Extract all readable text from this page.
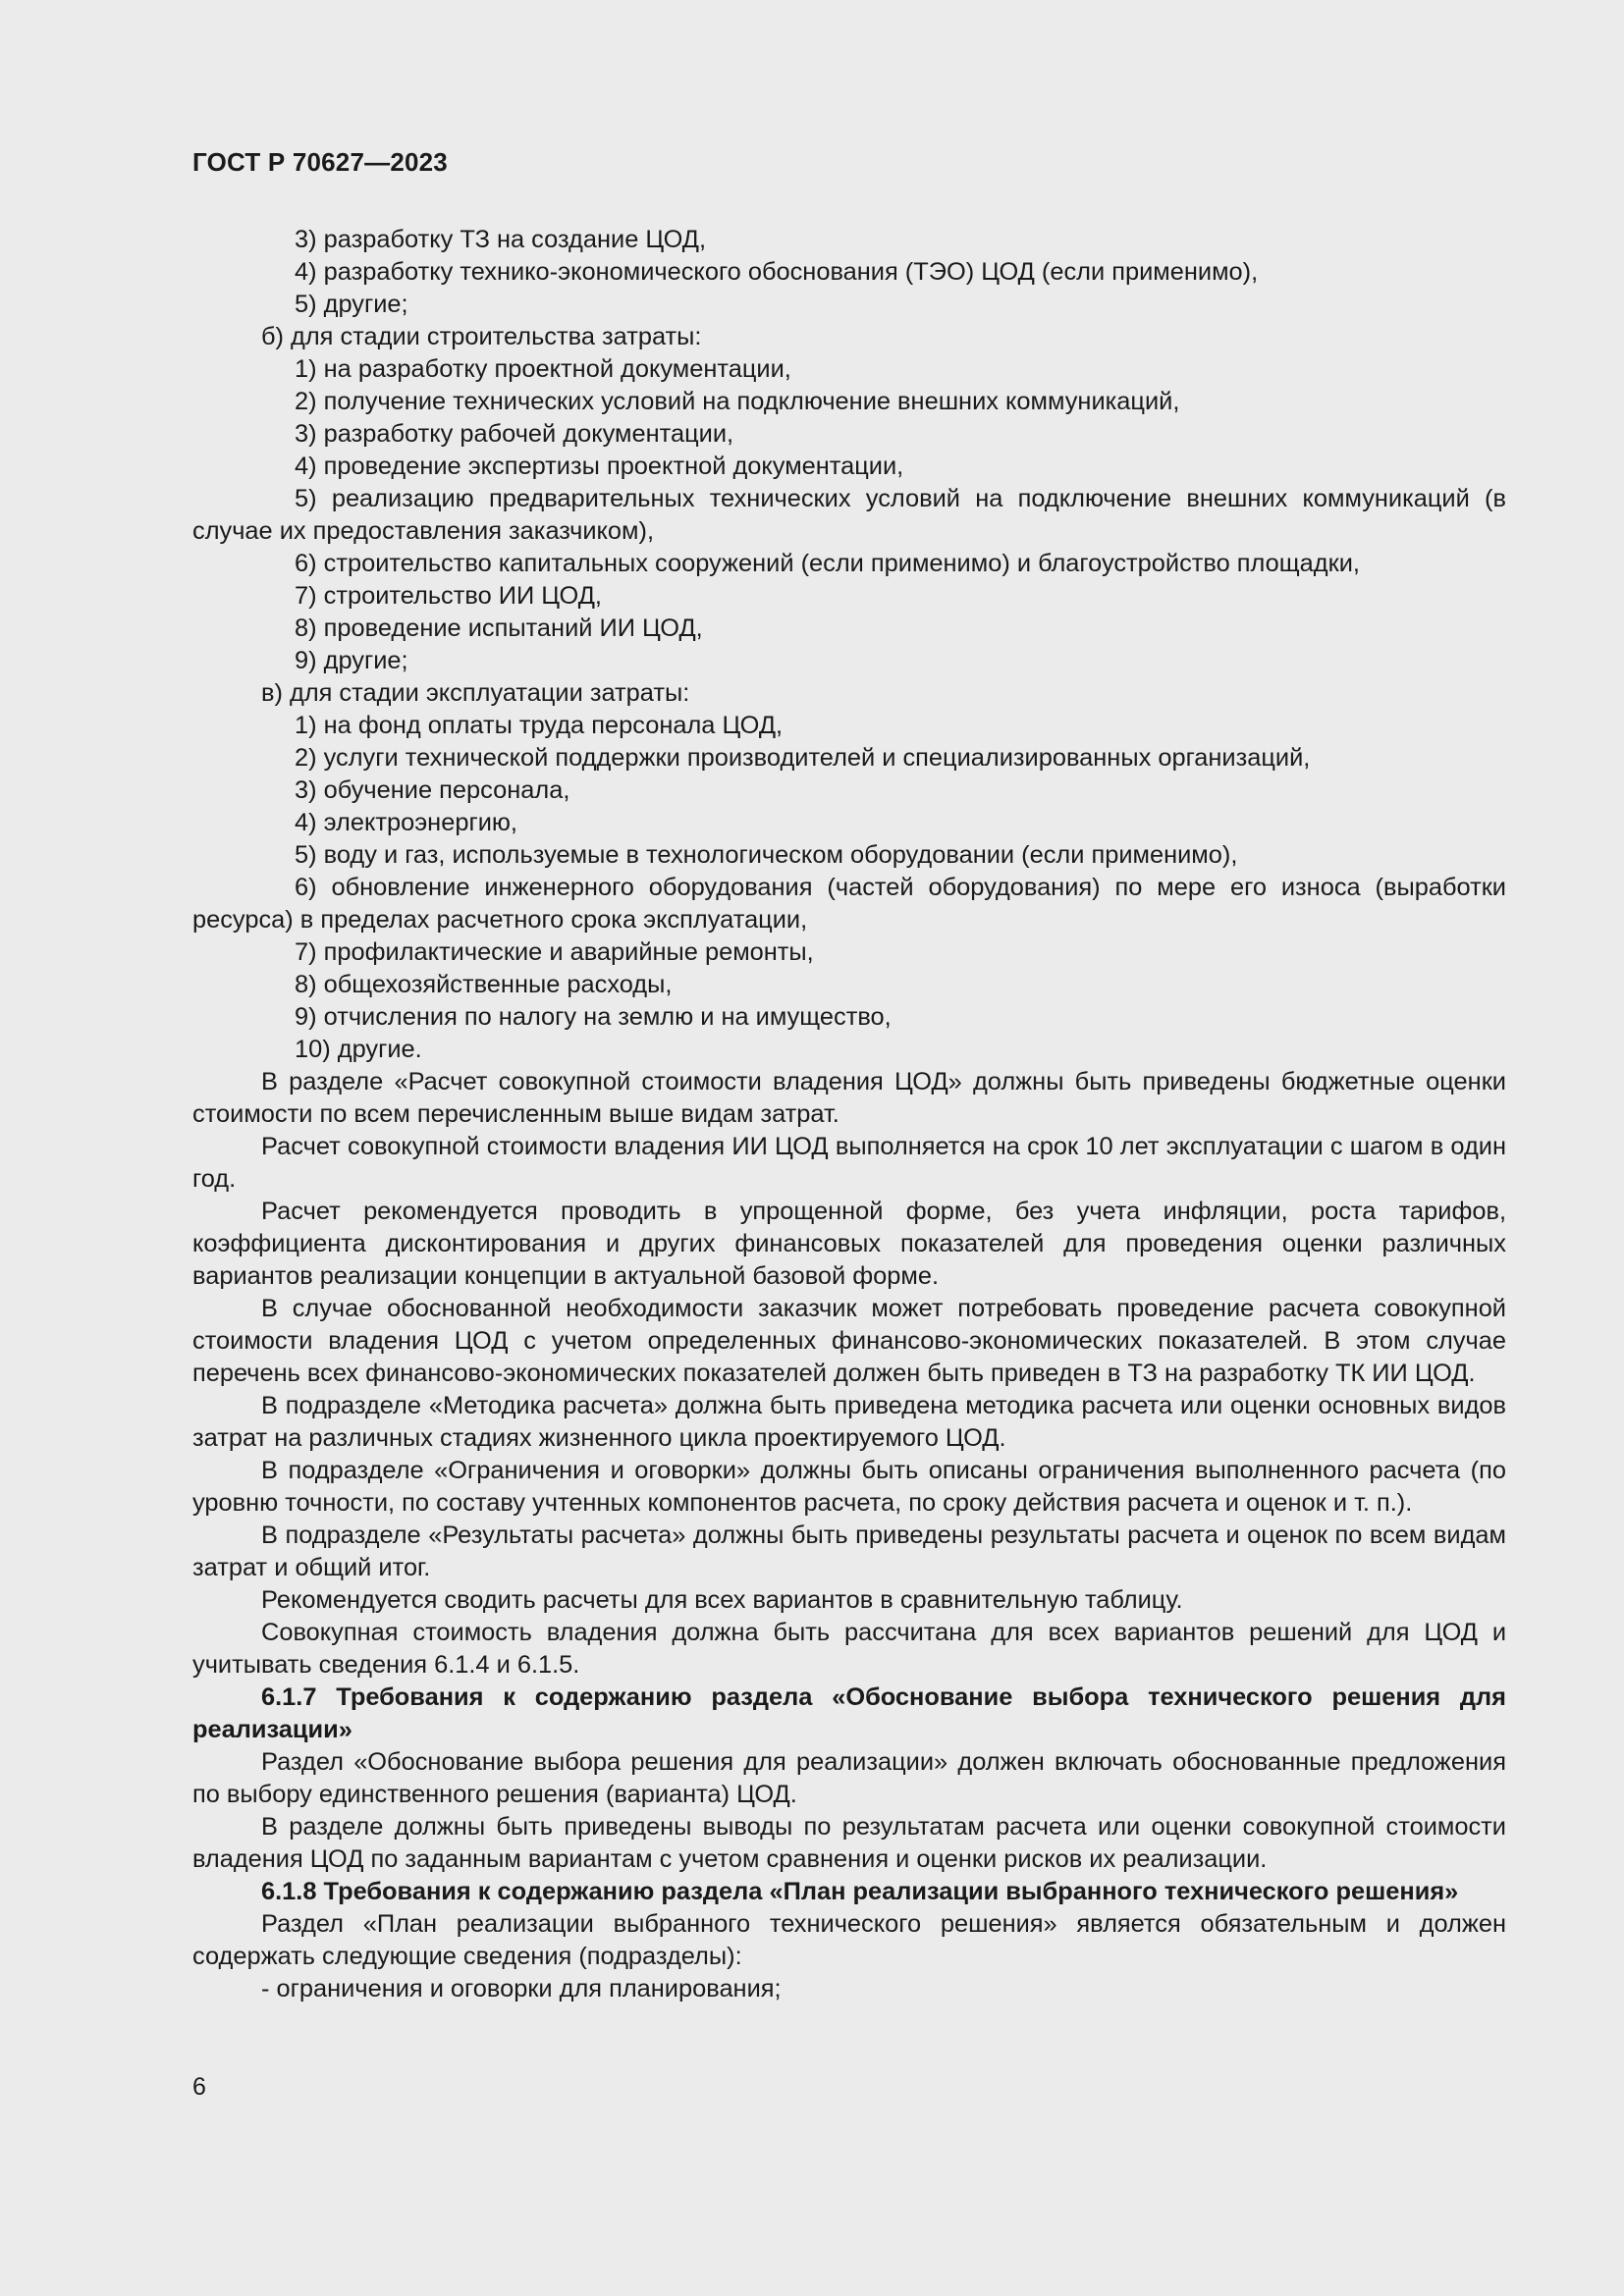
ГОСТ Р 70627—2023

3) разработку ТЗ на создание ЦОД,

4) разработку технико-экономического обоснования (ТЭО) ЦОД (если применимо),

5) другие;

б) для стадии строительства затраты:

1) на разработку проектной документации,

2) получение технических условий на подключение внешних коммуникаций,

3) разработку рабочей документации,

4) проведение экспертизы проектной документации,

5) реализацию предварительных технических условий на подключение внешних коммуникаций (в случае их предоставления заказчиком),

6) строительство капитальных сооружений (если применимо) и благоустройство площадки,

7) строительство ИИ ЦОД,

8) проведение испытаний ИИ ЦОД,

9) другие;

в) для стадии эксплуатации затраты:

1) на фонд оплаты труда персонала ЦОД,

2) услуги технической поддержки производителей и специализированных организаций,

3) обучение персонала,

4) электроэнергию,

5) воду и газ, используемые в технологическом оборудовании (если применимо),

6) обновление инженерного оборудования (частей оборудования) по мере его износа (выработки ресурса) в пределах расчетного срока эксплуатации,

7) профилактические и аварийные ремонты,

8) общехозяйственные расходы,

9) отчисления по налогу на землю и на имущество,

10) другие.

В разделе «Расчет совокупной стоимости владения ЦОД» должны быть приведены бюджетные оценки стоимости по всем перечисленным выше видам затрат.

Расчет совокупной стоимости владения ИИ ЦОД выполняется на срок 10 лет эксплуатации с шагом в один год.

Расчет рекомендуется проводить в упрощенной форме, без учета инфляции, роста тарифов, коэффициента дисконтирования и других финансовых показателей для проведения оценки различных вариантов реализации концепции в актуальной базовой форме.

В случае обоснованной необходимости заказчик может потребовать проведение расчета совокупной стоимости владения ЦОД с учетом определенных финансово-экономических показателей. В этом случае перечень всех финансово-экономических показателей должен быть приведен в ТЗ на разработку ТК ИИ ЦОД.

В подразделе «Методика расчета» должна быть приведена методика расчета или оценки основных видов затрат на различных стадиях жизненного цикла проектируемого ЦОД.

В подразделе «Ограничения и оговорки» должны быть описаны ограничения выполненного расчета (по уровню точности, по составу учтенных компонентов расчета, по сроку действия расчета и оценок и т. п.).

В подразделе «Результаты расчета» должны быть приведены результаты расчета и оценок по всем видам затрат и общий итог.

Рекомендуется сводить расчеты для всех вариантов в сравнительную таблицу.

Совокупная стоимость владения должна быть рассчитана для всех вариантов решений для ЦОД и учитывать сведения 6.1.4 и 6.1.5.

6.1.7 Требования к содержанию раздела «Обоснование выбора технического решения для реализации»

Раздел «Обоснование выбора решения для реализации» должен включать обоснованные предложения по выбору единственного решения (варианта) ЦОД.

В разделе должны быть приведены выводы по результатам расчета или оценки совокупной стоимости владения ЦОД по заданным вариантам с учетом сравнения и оценки рисков их реализации.

6.1.8 Требования к содержанию раздела «План реализации выбранного технического решения»

Раздел «План реализации выбранного технического решения» является обязательным и должен содержать следующие сведения (подразделы):

- ограничения и оговорки для планирования;

6
